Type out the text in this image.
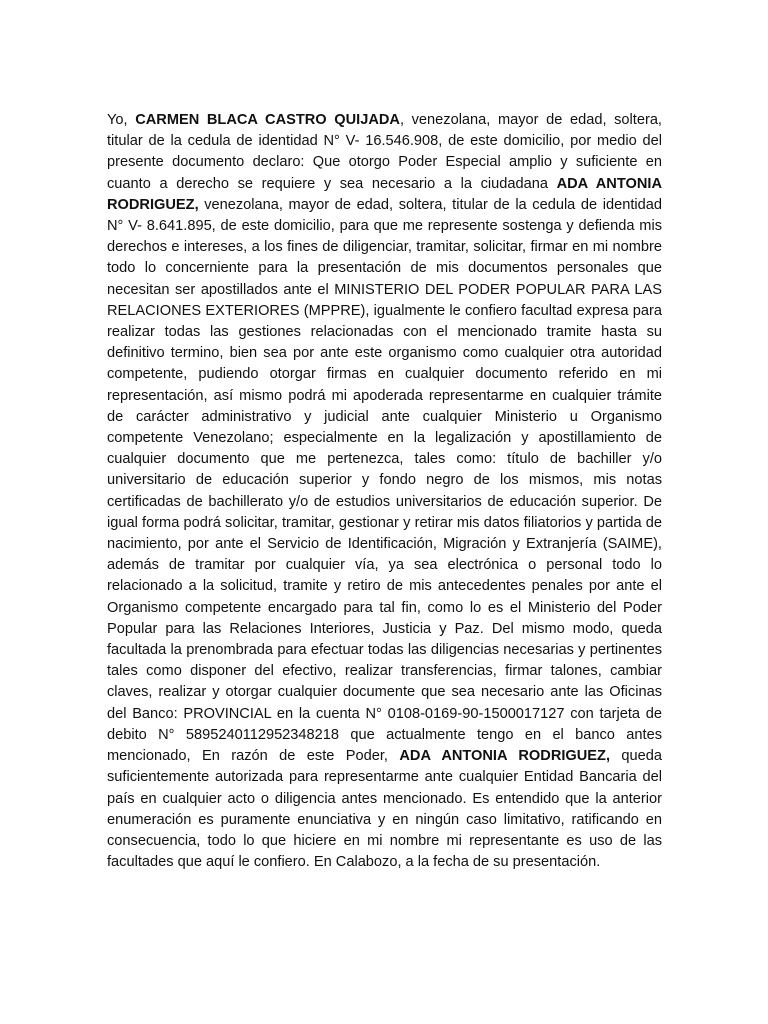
Yo, CARMEN BLACA CASTRO QUIJADA, venezolana, mayor de edad, soltera, titular de la cedula de identidad N° V- 16.546.908, de este domicilio, por medio del presente documento declaro: Que otorgo Poder Especial amplio y suficiente en cuanto a derecho se requiere y sea necesario a la ciudadana ADA ANTONIA RODRIGUEZ, venezolana, mayor de edad, soltera, titular de la cedula de identidad N° V- 8.641.895, de este domicilio, para que me represente sostenga y defienda mis derechos e intereses, a los fines de diligenciar, tramitar, solicitar, firmar en mi nombre todo lo concerniente para la presentación de mis documentos personales que necesitan ser apostillados ante el MINISTERIO DEL PODER POPULAR PARA LAS RELACIONES EXTERIORES (MPPRE), igualmente le confiero facultad expresa para realizar todas las gestiones relacionadas con el mencionado tramite hasta su definitivo termino, bien sea por ante este organismo como cualquier otra autoridad competente, pudiendo otorgar firmas en cualquier documento referido en mi representación, así mismo podrá mi apoderada representarme en cualquier trámite de carácter administrativo y judicial ante cualquier Ministerio u Organismo competente Venezolano; especialmente en la legalización y apostillamiento de cualquier documento que me pertenezca, tales como: título de bachiller y/o universitario de educación superior y fondo negro de los mismos, mis notas certificadas de bachillerato y/o de estudios universitarios de educación superior. De igual forma podrá solicitar, tramitar, gestionar y retirar mis datos filiatorios y partida de nacimiento, por ante el Servicio de Identificación, Migración y Extranjería (SAIME), además de tramitar por cualquier vía, ya sea electrónica o personal todo lo relacionado a la solicitud, tramite y retiro de mis antecedentes penales por ante el Organismo competente encargado para tal fin, como lo es el Ministerio del Poder Popular para las Relaciones Interiores, Justicia y Paz. Del mismo modo, queda facultada la prenombrada para efectuar todas las diligencias necesarias y pertinentes tales como disponer del efectivo, realizar transferencias, firmar talones, cambiar claves, realizar y otorgar cualquier documente que sea necesario ante las Oficinas del Banco: PROVINCIAL en la cuenta N° 0108-0169-90-1500017127 con tarjeta de debito N° 5895240112952348218 que actualmente tengo en el banco antes mencionado, En razón de este Poder, ADA ANTONIA RODRIGUEZ, queda suficientemente autorizada para representarme ante cualquier Entidad Bancaria del país en cualquier acto o diligencia antes mencionado. Es entendido que la anterior enumeración es puramente enunciativa y en ningún caso limitativo, ratificando en consecuencia, todo lo que hiciere en mi nombre mi representante es uso de las facultades que aquí le confiero. En Calabozo, a la fecha de su presentación.
